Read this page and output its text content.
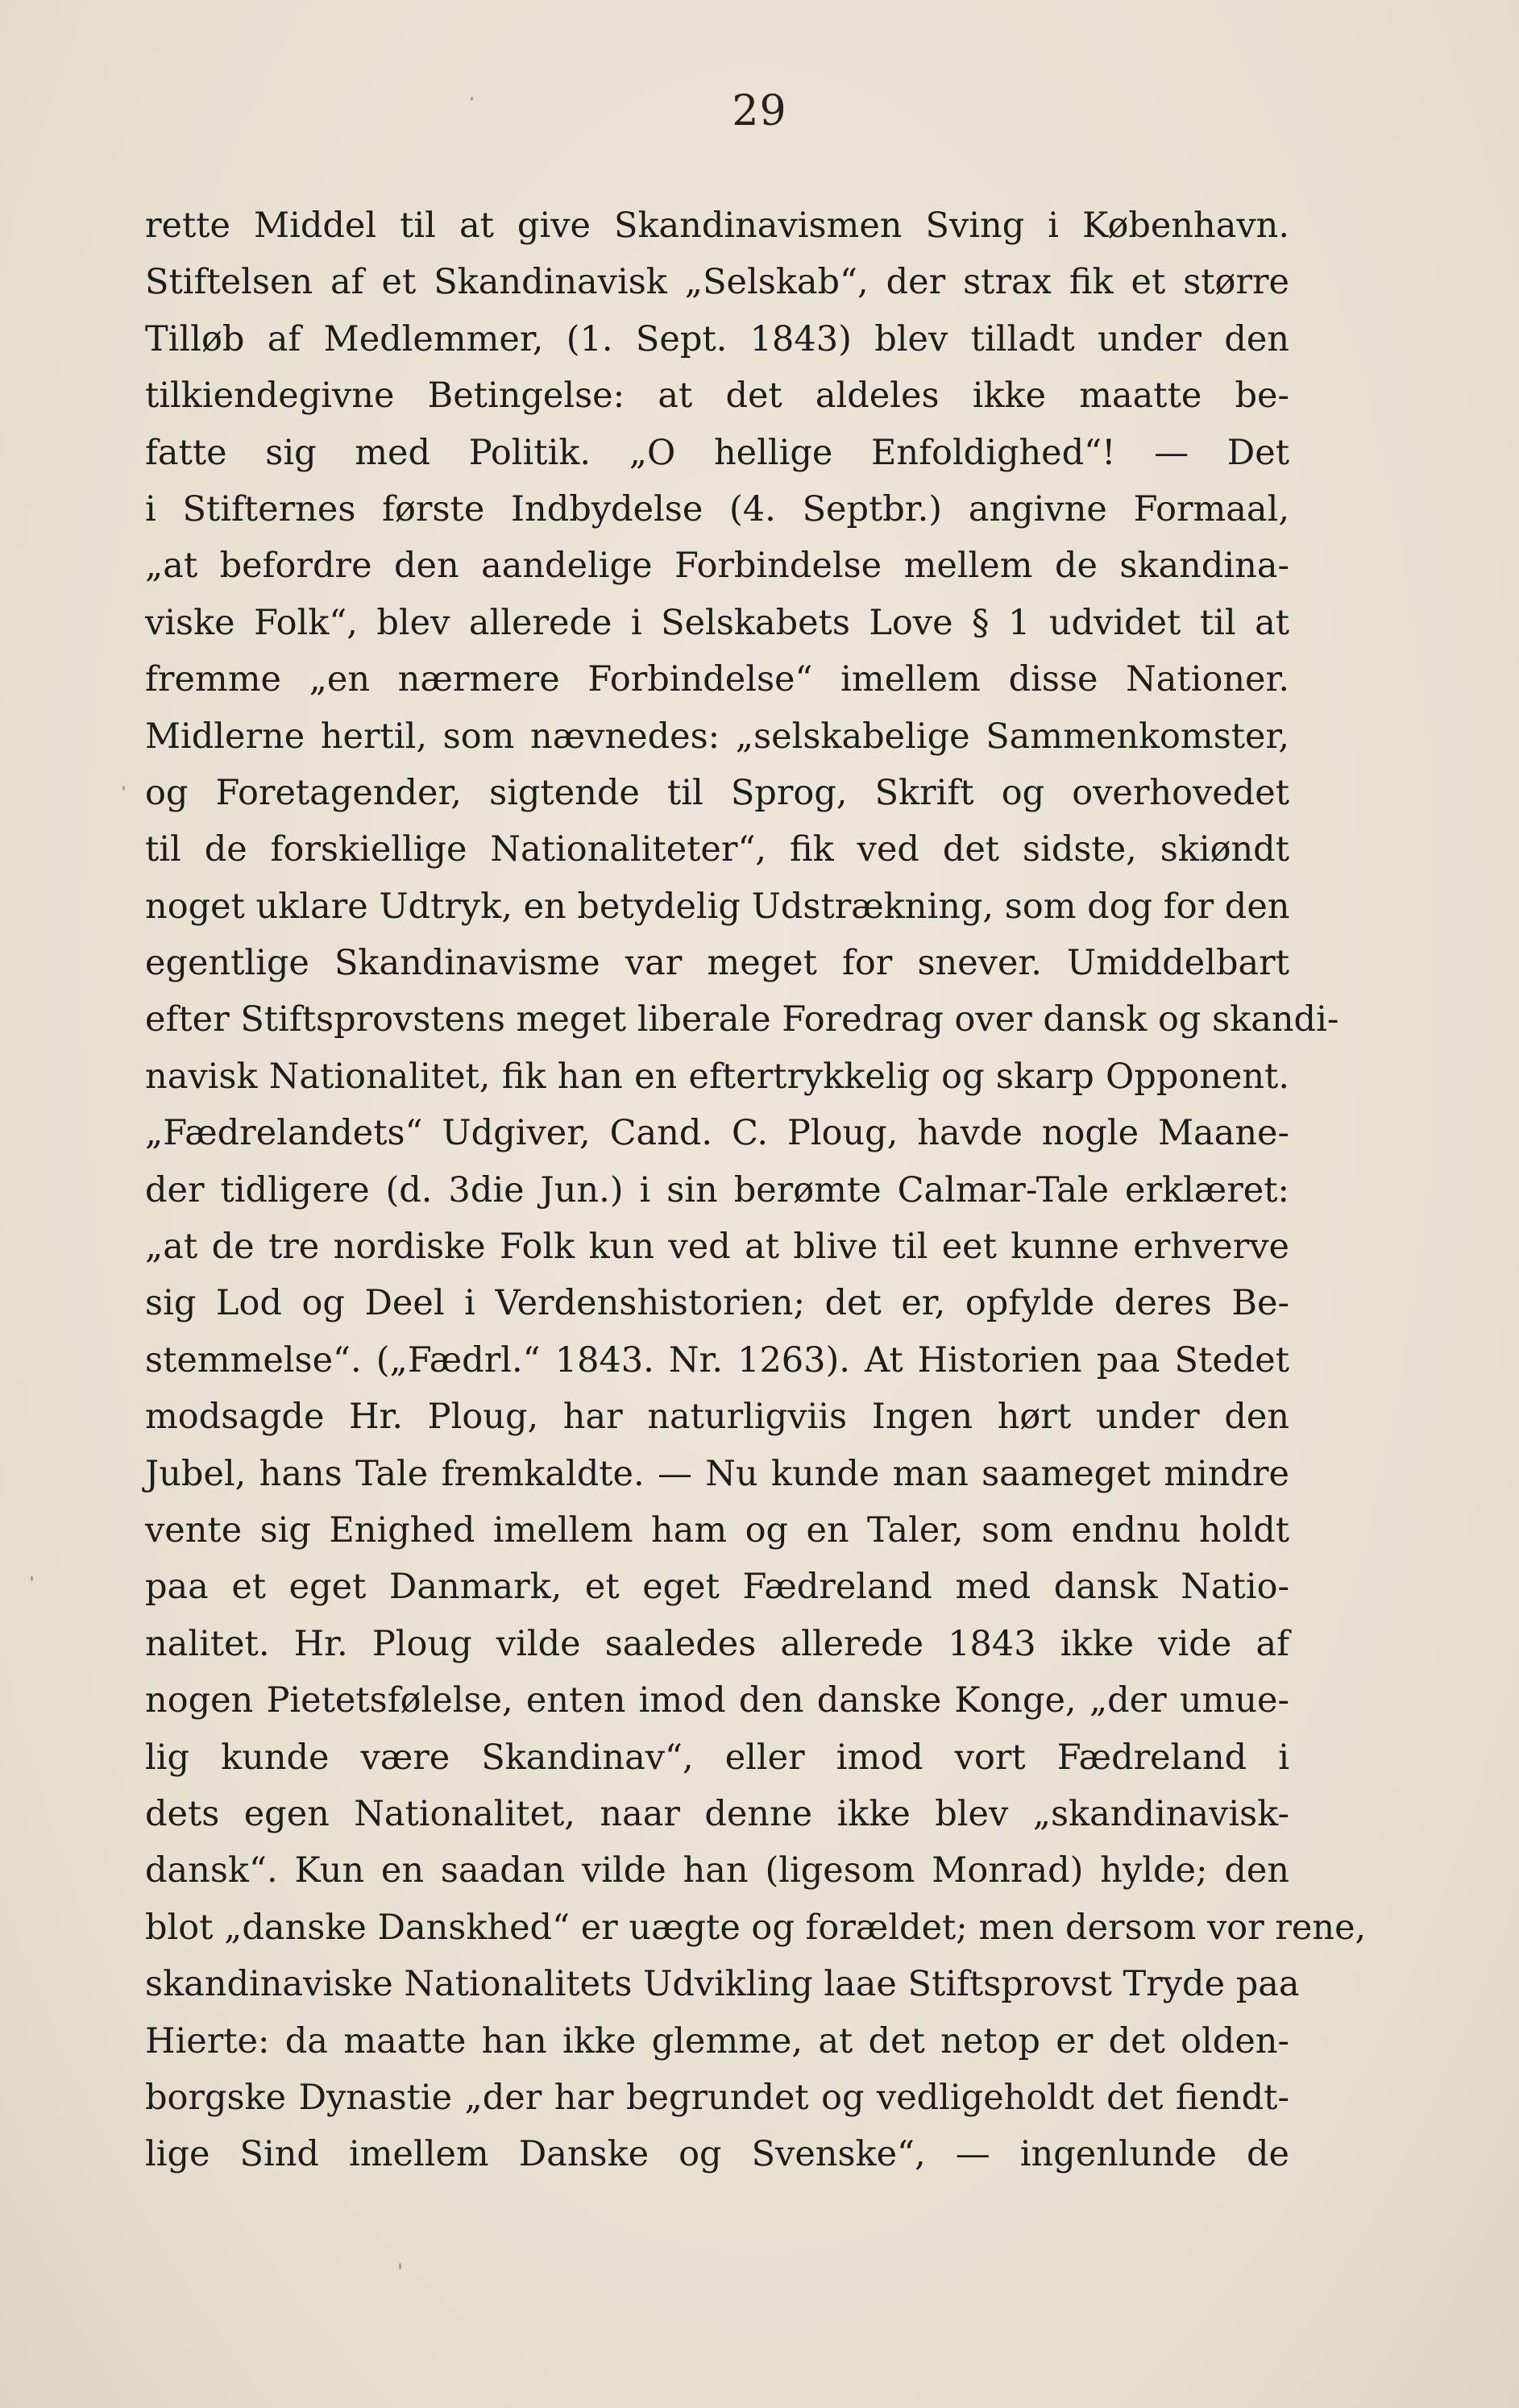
29
rette Middel til at give Skandinavismen Sving i København.
Stiftelsen af et Skandinavisk „Selskab“, der strax fik et større
Tilløb af Medlemmer, (1. Sept. 1843) blev tilladt under den
tilkiendegivne Betingelse: at det aldeles ikke maatte be-
fatte sig med Politik. „O hellige Enfoldighed“! — Det
i Stifternes første Indbydelse (4. Septbr.) angivne Formaal,
„at befordre den aandelige Forbindelse mellem de skandina-
viske Folk“, blev allerede i Selskabets Love § 1 udvidet til at
fremme „en nærmere Forbindelse“ imellem disse Nationer.
Midlerne hertil, som nævnedes: „selskabelige Sammenkomster,
og Foretagender, sigtende til Sprog, Skrift og overhovedet
til de forskiellige Nationaliteter“, fik ved det sidste, skiøndt
noget uklare Udtryk, en betydelig Udstrækning, som dog for den
egentlige Skandinavisme var meget for snever. Umiddelbart
efter Stiftsprovstens meget liberale Foredrag over dansk og skandi-
navisk Nationalitet, fik han en eftertrykkelig og skarp Opponent.
„Fædrelandets“ Udgiver, Cand. C. Ploug, havde nogle Maane-
der tidligere (d. 3die Jun.) i sin berømte Calmar-Tale erklæret:
„at de tre nordiske Folk kun ved at blive til eet kunne erhverve
sig Lod og Deel i Verdenshistorien; det er, opfylde deres Be-
stemmelse“. („Fædrl.“ 1843. Nr. 1263). At Historien paa Stedet
modsagde Hr. Ploug, har naturligviis Ingen hørt under den
Jubel, hans Tale fremkaldte. — Nu kunde man saameget mindre
vente sig Enighed imellem ham og en Taler, som endnu holdt
paa et eget Danmark, et eget Fædreland med dansk Natio-
nalitet. Hr. Ploug vilde saaledes allerede 1843 ikke vide af
nogen Pietetsfølelse, enten imod den danske Konge, „der umue-
lig kunde være Skandinav“, eller imod vort Fædreland i
dets egen Nationalitet, naar denne ikke blev „skandinavisk-
dansk“. Kun en saadan vilde han (ligesom Monrad) hylde; den
blot „danske Danskhed“ er uægte og forældet; men dersom vor rene,
skandinaviske Nationalitets Udvikling laae Stiftsprovst Tryde paa
Hierte: da maatte han ikke glemme, at det netop er det olden-
borgske Dynastie „der har begrundet og vedligeholdt det fiendt-
lige Sind imellem Danske og Svenske“, — ingenlunde de
